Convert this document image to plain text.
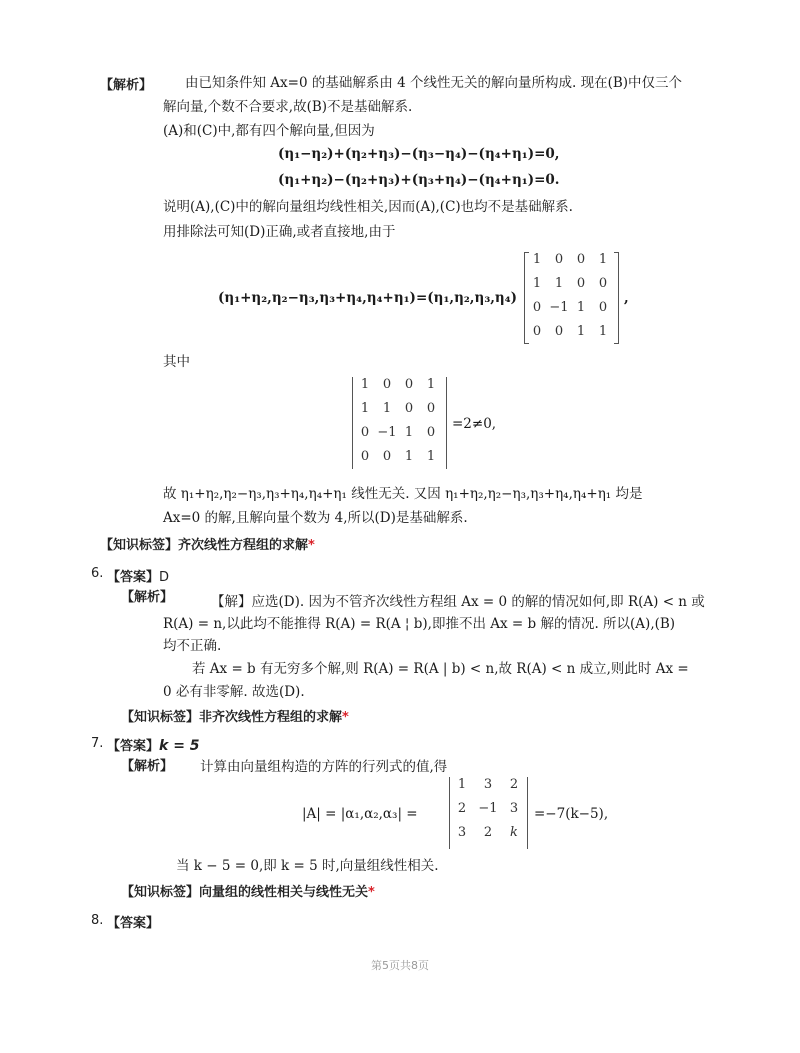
【解析】 由已知条件知 Ax=0 的基础解系由 4 个线性无关的解向量所构成. 现在(B)中仅三个
解向量,个数不合要求,故(B)不是基础解系.
(A)和(C)中,都有四个解向量,但因为
(η₁−η₂)+(η₂+η₃)−(η₃−η₄)−(η₄+η₁)=0,
(η₁+η₂)−(η₂+η₃)+(η₃+η₄)−(η₄+η₁)=0.
说明(A),(C)中的解向量组均线性相关,因而(A),(C)也均不是基础解系.
用排除法可知(D)正确,或者直接地,由于
(η₁+η₂,η₂−η₃,η₃+η₄,η₄+η₁)=(η₁,η₂,η₃,η₄)
1	0	0	1
1	1	0	0
0 −1 1	0
0	0	1	1
,
其中
1	0	0	1
1	1	0	0
0 −1 1	0
0	0	1	1
=2≠0,
故 η₁+η₂,η₂−η₃,η₃+η₄,η₄+η₁ 线性无关. 又因 η₁+η₂,η₂−η₃,η₃+η₄,η₄+η₁ 均是
Ax=0 的解,且解向量个数为 4,所以(D)是基础解系.
【知识标签】齐次线性方程组的求解*
6. 【答案】D
【解析】	【解】应选(D). 因为不管齐次线性方程组 Ax = 0 的解的情况如何,即 R(A) < n 或
R(A) = n,以此均不能推得 R(A) = R(A ¦ b),即推不出 Ax = b 解的情况. 所以(A),(B)
均不正确.
若 Ax = b 有无穷多个解,则 R(A) = R(A | b) < n,故 R(A) < n 成立,则此时 Ax =
0 必有非零解. 故选(D).
【知识标签】非齐次线性方程组的求解*
7. 【答案】k = 5
【解析】 计算由向量组构造的方阵的行列式的值,得
|A| = |α₁,α₂,α₃| =
1	3	2
2 −1 3
3	2	k
=−7(k−5),
当 k − 5 = 0,即 k = 5 时,向量组线性相关.
【知识标签】向量组的线性相关与线性无关*
8. 【答案】
第5页共8页
